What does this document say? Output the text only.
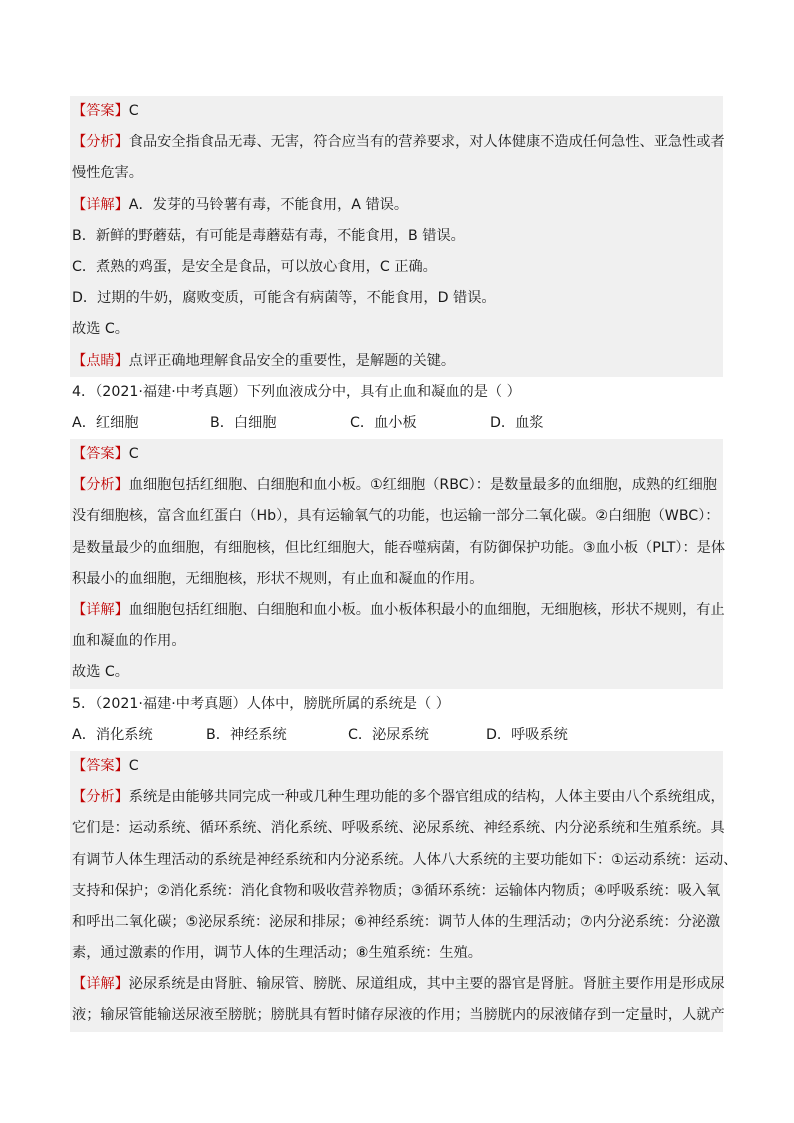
【答案】C
【分析】食品安全指食品无毒、无害，符合应当有的营养要求，对人体健康不造成任何急性、亚急性或者
慢性危害。
【详解】A．发芽的马铃薯有毒，不能食用，A 错误。
B．新鲜的野蘑菇，有可能是毒蘑菇有毒，不能食用，B 错误。
C．煮熟的鸡蛋，是安全是食品，可以放心食用，C 正确。
D．过期的牛奶，腐败变质，可能含有病菌等，不能食用，D 错误。
故选 C。
【点睛】点评正确地理解食品安全的重要性，是解题的关键。
4．（2021·福建·中考真题）下列血液成分中，具有止血和凝血的是（ ）
A．红细胞	B．白细胞	C．血小板	D．血浆
【答案】C
【分析】血细胞包括红细胞、白细胞和血小板。①红细胞（RBC）：是数量最多的血细胞，成熟的红细胞
没有细胞核，富含血红蛋白（Hb），具有运输氧气的功能，也运输一部分二氧化碳。②白细胞（WBC）：
是数量最少的血细胞，有细胞核，但比红细胞大，能吞噬病菌，有防御保护功能。③血小板（PLT）：是体
积最小的血细胞，无细胞核，形状不规则，有止血和凝血的作用。
【详解】血细胞包括红细胞、白细胞和血小板。血小板体积最小的血细胞，无细胞核，形状不规则，有止
血和凝血的作用。
故选 C。
5．（2021·福建·中考真题）人体中，膀胱所属的系统是（ ）
A．消化系统	B．神经系统	C．泌尿系统	D．呼吸系统
【答案】C
【分析】系统是由能够共同完成一种或几种生理功能的多个器官组成的结构，人体主要由八个系统组成，
它们是：运动系统、循环系统、消化系统、呼吸系统、泌尿系统、神经系统、内分泌系统和生殖系统。具
有调节人体生理活动的系统是神经系统和内分泌系统。人体八大系统的主要功能如下：①运动系统：运动、
支持和保护；②消化系统：消化食物和吸收营养物质；③循环系统：运输体内物质；④呼吸系统：吸入氧
和呼出二氧化碳；⑤泌尿系统：泌尿和排尿；⑥神经系统：调节人体的生理活动；⑦内分泌系统：分泌激
素，通过激素的作用，调节人体的生理活动；⑧生殖系统：生殖。
【详解】泌尿系统是由肾脏、输尿管、膀胱、尿道组成，其中主要的器官是肾脏。肾脏主要作用是形成尿
液；输尿管能输送尿液至膀胱；膀胱具有暂时储存尿液的作用；当膀胱内的尿液储存到一定量时，人就产
